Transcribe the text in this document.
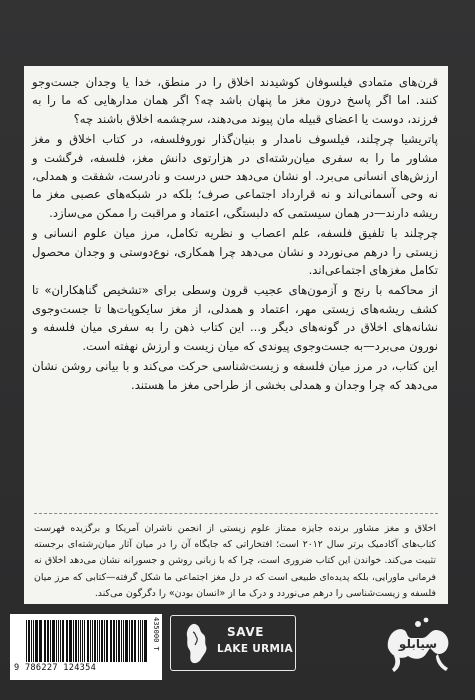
قرن‌های متمادی فیلسوفان کوشیدند اخلاق را در منطق، خدا یا وجدان جست‌وجو کنند. اما اگر پاسخ درون مغز ما پنهان باشد چه؟ اگر همان مدارهایی که ما را به فرزند، دوست یا اعضای قبیله مان پیوند می‌دهند، سرچشمه اخلاق باشند چه؟

پاتریشیا چرچلند، فیلسوف نامدار و بنیان‌گذار نوروفلسفه، در کتاب اخلاق و مغز مشاور ما را به سفری میان‌رشته‌ای در هزارتوی دانش مغز، فلسفه، فرگشت و ارزش‌های انسانی می‌برد. او نشان می‌دهد حس درست و نادرست، شفقت و همدلی، نه وحی آسمانی‌اند و نه قرارداد اجتماعی صرف؛ بلکه در شبکه‌های عصبی مغز ما ریشه دارند—در همان سیستمی که دلبستگی، اعتماد و مراقبت را ممکن می‌سازد.

چرچلند با تلفیق فلسفه، علم اعصاب و نظریه تکامل، مرز میان علوم انسانی و زیستی را درهم می‌نوردد و نشان می‌دهد چرا همکاری، نوع‌دوستی و وجدان محصول تکامل مغزهای اجتماعی‌اند.

از محاکمه با رنج و آزمون‌های عجیب قرون وسطی برای «تشخیص گناهکاران» تا کشف ریشه‌های زیستی مهر، اعتماد و همدلی، از مغز سایکوپات‌ها تا جست‌وجوی نشانه‌های اخلاق در گونه‌های دیگر و... این کتاب ذهن را به سفری میان فلسفه و نورون می‌برد—به جست‌وجوی پیوندی که میان زیست و ارزش نهفته است.

این کتاب، در مرز میان فلسفه و زیست‌شناسی حرکت می‌کند و با بیانی روشن نشان می‌دهد که چرا وجدان و همدلی بخشی از طراحی مغز ما هستند.

اخلاق و مغز مشاور برنده جایزه ممتاز علوم زیستی از انجمن ناشران آمریکا و برگزیده فهرست کتاب‌های آکادمیک برتر سال ۲۰۱۲ است؛ افتخاراتی که جایگاه آن را در میان آثار میان‌رشته‌ای برجسته تثبیت می‌کند. خواندن این کتاب ضروری است، چرا که با زبانی روشن و جسورانه نشان می‌دهد اخلاق نه فرمانی ماورایی، بلکه پدیده‌ای طبیعی است که در دل مغز اجتماعی ما شکل گرفته—کتابی که مرز میان فلسفه و زیست‌شناسی را درهم می‌نوردد و درک ما از «انسان بودن» را دگرگون می‌کند.

9 786227 124354
435000 T	SAVE
LAKE URMIA	سیابلو
